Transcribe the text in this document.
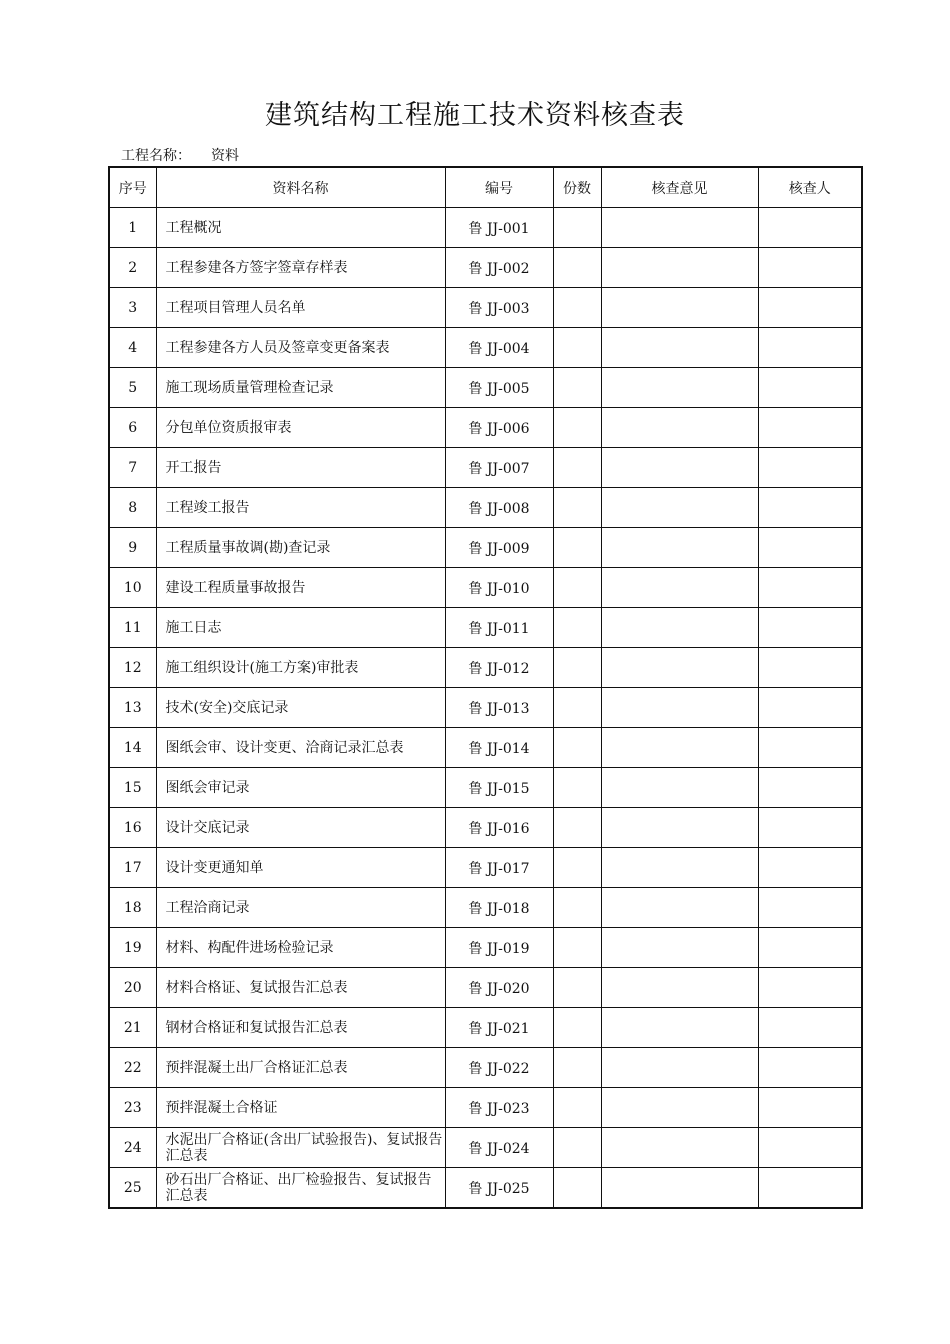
建筑结构工程施工技术资料核查表
工程名称： 资料
序号	资料名称	编号	份数	核查意见	核查人
1	工程概况	鲁 JJ-001			
2	工程参建各方签字签章存样表	鲁 JJ-002			
3	工程项目管理人员名单	鲁 JJ-003			
4	工程参建各方人员及签章变更备案表	鲁 JJ-004			
5	施工现场质量管理检查记录	鲁 JJ-005			
6	分包单位资质报审表	鲁 JJ-006			
7	开工报告	鲁 JJ-007			
8	工程竣工报告	鲁 JJ-008			
9	工程质量事故调(勘)查记录	鲁 JJ-009			
10	建设工程质量事故报告	鲁 JJ-010			
11	施工日志	鲁 JJ-011			
12	施工组织设计(施工方案)审批表	鲁 JJ-012			
13	技术(安全)交底记录	鲁 JJ-013			
14	图纸会审、设计变更、洽商记录汇总表	鲁 JJ-014			
15	图纸会审记录	鲁 JJ-015			
16	设计交底记录	鲁 JJ-016			
17	设计变更通知单	鲁 JJ-017			
18	工程洽商记录	鲁 JJ-018			
19	材料、构配件进场检验记录	鲁 JJ-019			
20	材料合格证、复试报告汇总表	鲁 JJ-020			
21	钢材合格证和复试报告汇总表	鲁 JJ-021			
22	预拌混凝土出厂合格证汇总表	鲁 JJ-022			
23	预拌混凝土合格证	鲁 JJ-023			
24	水泥出厂合格证(含出厂试验报告)、复试报告汇总表	鲁 JJ-024			
25	砂石出厂合格证、出厂检验报告、复试报告汇总表	鲁 JJ-025			
